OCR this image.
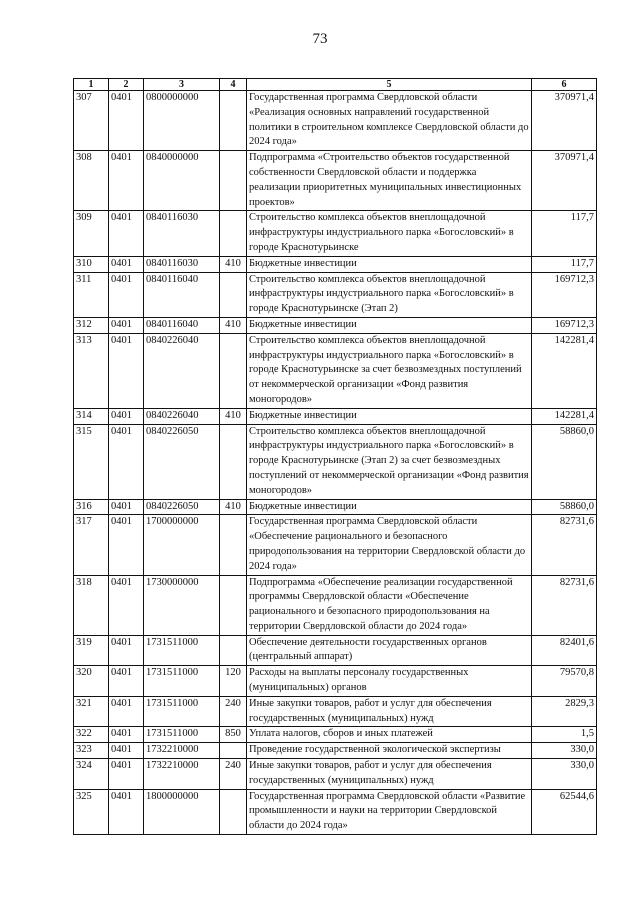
73
1	2	3	4	5	6
307	0401	0800000000		Государственная программа Свердловской области «Реализация основных направлений государственной политики в строительном комплексе Свердловской области до 2024 года»	370971,4
308	0401	0840000000		Подпрограмма «Строительство объектов государственной собственности Свердловской области и поддержка реализации приоритетных муниципальных инвестиционных проектов»	370971,4
309	0401	0840116030		Строительство комплекса объектов внеплощадочной инфраструктуры индустриального парка «Богословский» в городе Краснотурьинске	117,7
310	0401	0840116030	410	Бюджетные инвестиции	117,7
311	0401	0840116040		Строительство комплекса объектов внеплощадочной инфраструктуры индустриального парка «Богословский» в городе Краснотурьинске (Этап 2)	169712,3
312	0401	0840116040	410	Бюджетные инвестиции	169712,3
313	0401	0840226040		Строительство комплекса объектов внеплощадочной инфраструктуры индустриального парка «Богословский» в городе Краснотурьинске за счет безвозмездных поступлений от некоммерческой организации «Фонд развития моногородов»	142281,4
314	0401	0840226040	410	Бюджетные инвестиции	142281,4
315	0401	0840226050		Строительство комплекса объектов внеплощадочной инфраструктуры индустриального парка «Богословский» в городе Краснотурьинске (Этап 2) за счет безвозмездных поступлений от некоммерческой организации «Фонд развития моногородов»	58860,0
316	0401	0840226050	410	Бюджетные инвестиции	58860,0
317	0401	1700000000		Государственная программа Свердловской области «Обеспечение рационального и безопасного природопользования на территории Свердловской области до 2024 года»	82731,6
318	0401	1730000000		Подпрограмма «Обеспечение реализации государственной программы Свердловской области «Обеспечение рационального и безопасного природопользования на территории Свердловской области до 2024 года»	82731,6
319	0401	1731511000		Обеспечение деятельности государственных органов (центральный аппарат)	82401,6
320	0401	1731511000	120	Расходы на выплаты персоналу государственных (муниципальных) органов	79570,8
321	0401	1731511000	240	Иные закупки товаров, работ и услуг для обеспечения государственных (муниципальных) нужд	2829,3
322	0401	1731511000	850	Уплата налогов, сборов и иных платежей	1,5
323	0401	1732210000		Проведение государственной экологической экспертизы	330,0
324	0401	1732210000	240	Иные закупки товаров, работ и услуг для обеспечения государственных (муниципальных) нужд	330,0
325	0401	1800000000		Государственная программа Свердловской области «Развитие промышленности и науки на территории Свердловской области до 2024 года»	62544,6
